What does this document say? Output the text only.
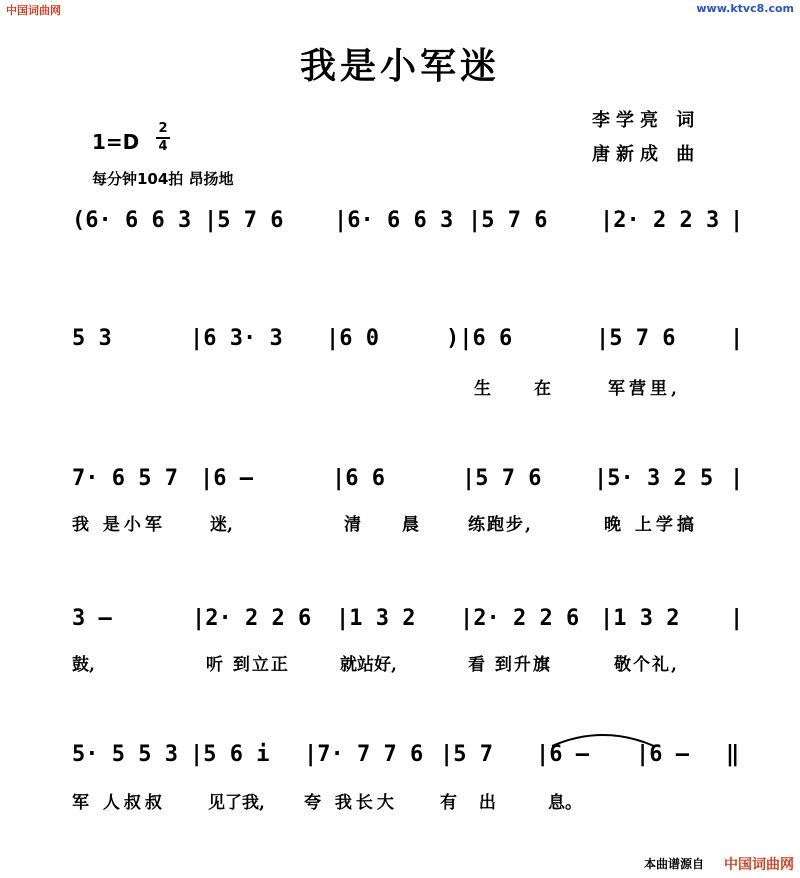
中国词曲网	www.ktvc8.com
我是小军迷
李学亮 词
唐新成 曲
1=D
2
4
每分钟104拍 昂扬地
(6· 6 6 3 |5 7 6 |6· 6 6 3 |5 7 6 |2· 2 2 3 |
5 3	|6 3· 3 |6 0	)|6 6	|5 7 6 |
生	在	军营里,
7· 6 5 7 |6 –	|6 6	|5 7 6 |5· 3 2 5 |
我 是小军	迷,	清 晨	练跑步,	晚 上学搞
3 –	|2· 2 2 6 |1 3 2 |2· 2 2 6 |1 3 2 |
鼓,	听 到立正	就站好,	看 到升旗	敬个礼,
5· 5 5 3 |5 6 i |7· 7 7 6 |5 7 |6 – |6 – ‖
军 人叔叔 见了我, 夸 我长大 有 出	息。
本曲谱源自 中国词曲网
